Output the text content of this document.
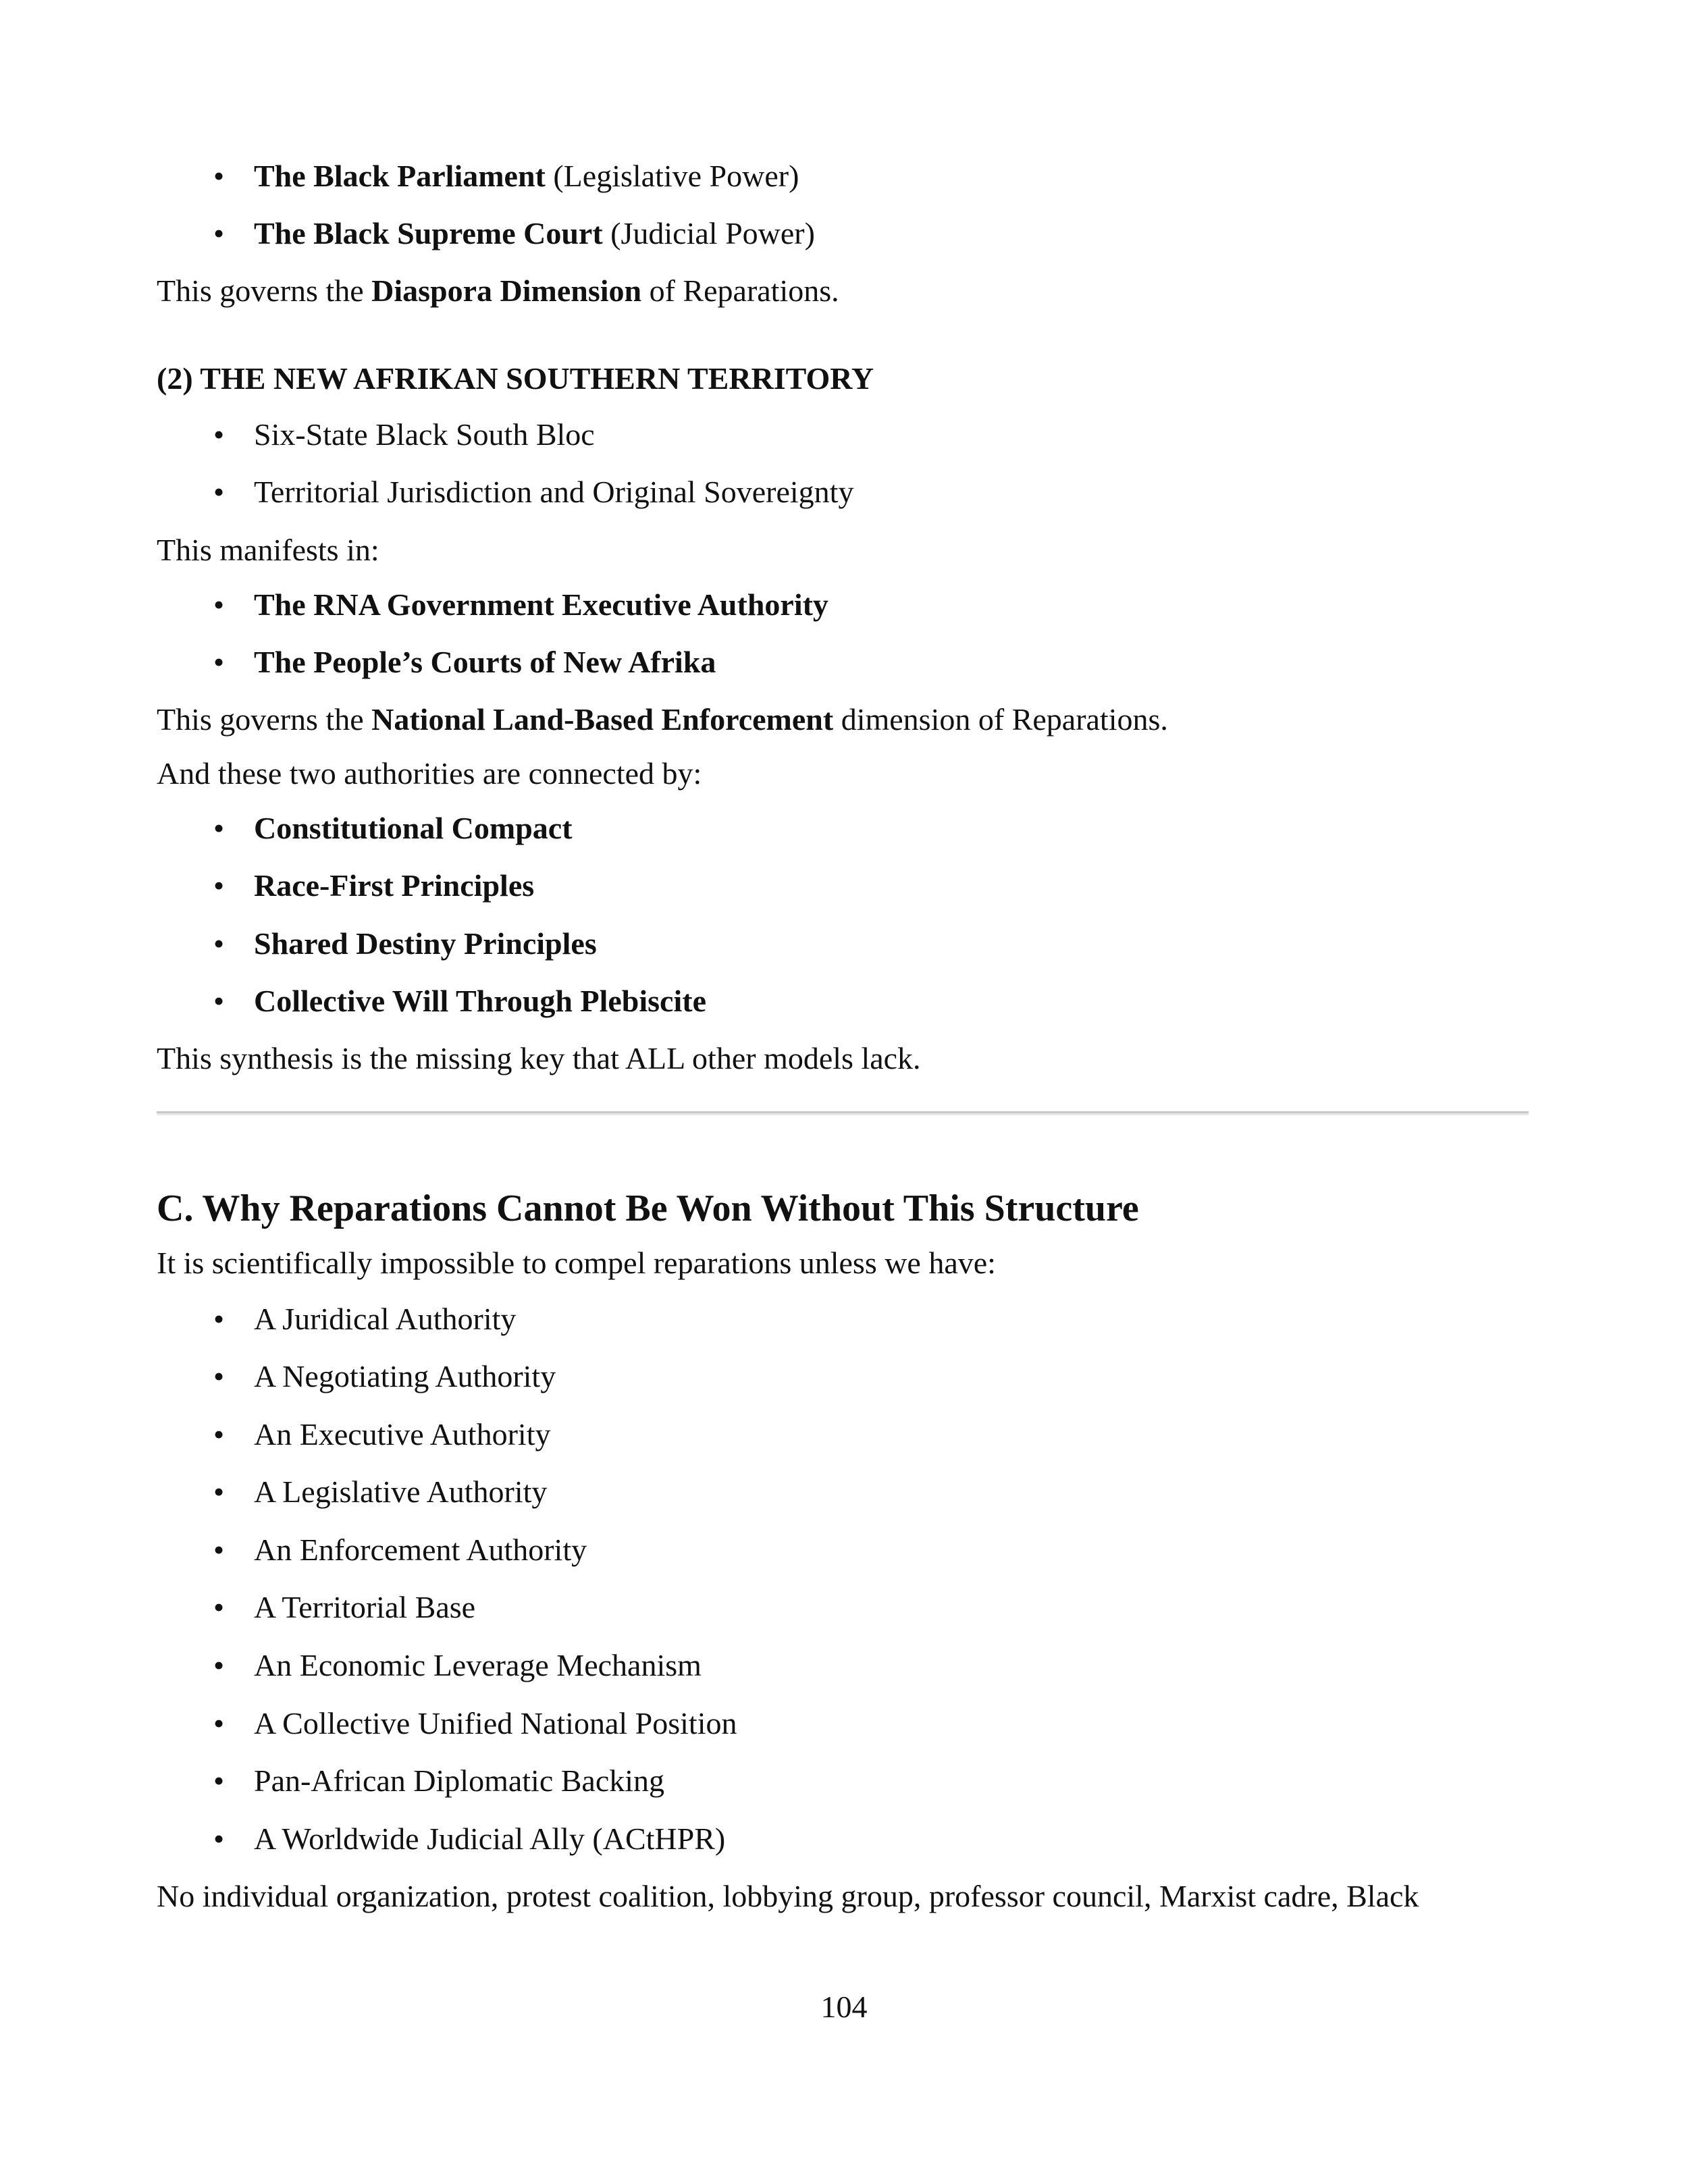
• The Black Parliament (Legislative Power)
• The Black Supreme Court (Judicial Power)
This governs the Diaspora Dimension of Reparations.
(2) THE NEW AFRIKAN SOUTHERN TERRITORY
• Six-State Black South Bloc
• Territorial Jurisdiction and Original Sovereignty
This manifests in:
• The RNA Government Executive Authority
• The People’s Courts of New Afrika
This governs the National Land-Based Enforcement dimension of Reparations.
And these two authorities are connected by:
• Constitutional Compact
• Race-First Principles
• Shared Destiny Principles
• Collective Will Through Plebiscite
This synthesis is the missing key that ALL other models lack.
C. Why Reparations Cannot Be Won Without This Structure
It is scientifically impossible to compel reparations unless we have:
• A Juridical Authority
• A Negotiating Authority
• An Executive Authority
• A Legislative Authority
• An Enforcement Authority
• A Territorial Base
• An Economic Leverage Mechanism
• A Collective Unified National Position
• Pan-African Diplomatic Backing
• A Worldwide Judicial Ally (ACtHPR)
No individual organization, protest coalition, lobbying group, professor council, Marxist cadre, Black
104
